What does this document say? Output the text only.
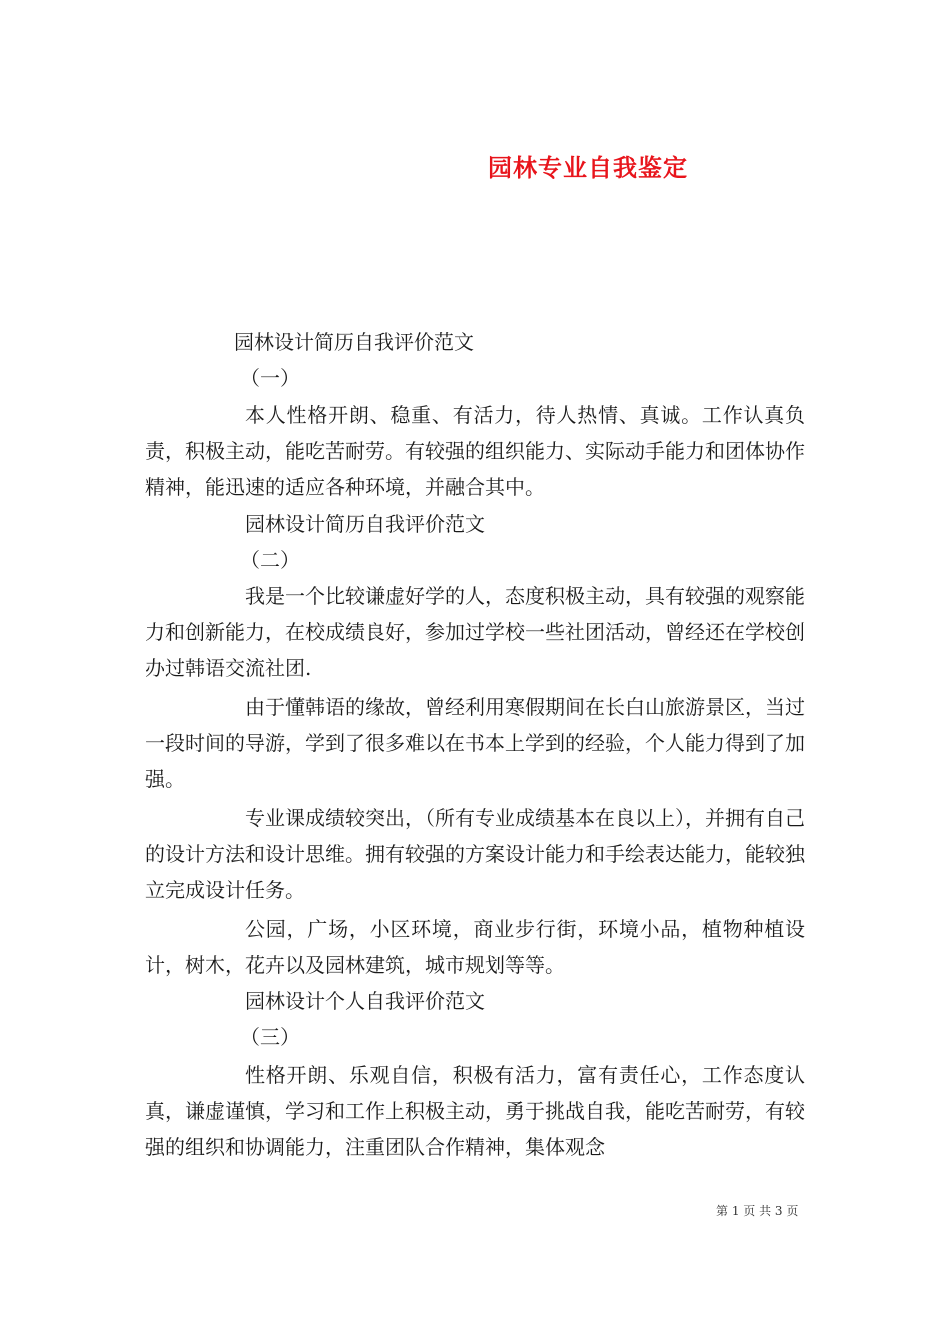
园林专业自我鉴定
园林设计简历自我评价范文
（一）

本人性格开朗、稳重、有活力，待人热情、真诚。工作认真负责，积极主动，能吃苦耐劳。有较强的组织能力、实际动手能力和团体协作精神，能迅速的适应各种环境，并融合其中。

园林设计简历自我评价范文
（二）

我是一个比较谦虚好学的人，态度积极主动，具有较强的观察能力和创新能力，在校成绩良好，参加过学校一些社团活动，曾经还在学校创办过韩语交流社团.

由于懂韩语的缘故，曾经利用寒假期间在长白山旅游景区，当过一段时间的导游，学到了很多难以在书本上学到的经验，个人能力得到了加强。

专业课成绩较突出，（所有专业成绩基本在良以上），并拥有自己的设计方法和设计思维。拥有较强的方案设计能力和手绘表达能力，能较独立完成设计任务。

公园，广场，小区环境，商业步行街，环境小品，植物种植设计，树木，花卉以及园林建筑，城市规划等等。

园林设计个人自我评价范文
（三）

性格开朗、乐观自信，积极有活力，富有责任心，工作态度认真，谦虚谨慎，学习和工作上积极主动，勇于挑战自我，能吃苦耐劳，有较强的组织和协调能力，注重团队合作精神，集体观念

第 1 页 共 3 页
